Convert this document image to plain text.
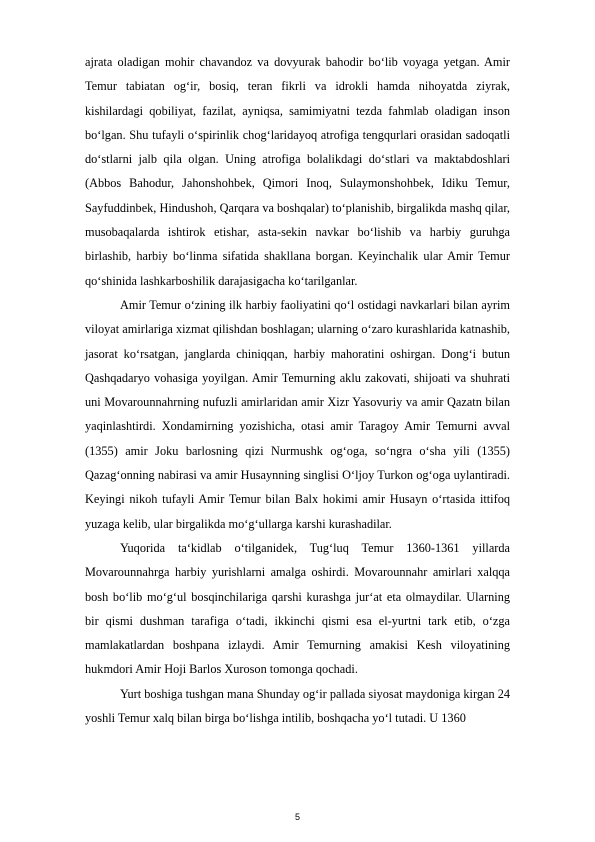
ajrata oladigan mohir chavandoz va dovyurak bahodir bo‘lib voyaga yetgan. Amir Temur tabiatan og‘ir, bosiq, teran fikrli va idrokli hamda nihoyatda ziyrak, kishilardagi qobiliyat, fazilat, ayniqsa, samimiyatni tezda fahmlab oladigan inson bo‘lgan. Shu tufayli o‘spirinlik chog‘laridayoq atrofiga tengqurlari orasidan sadoqatli do‘stlarni jalb qila olgan. Uning atrofiga bolalikdagi do‘stlari va maktabdoshlari (Abbos Bahodur, Jahonshohbek, Qimori Inoq, Sulaymonshohbek, Idiku Temur, Sayfuddinbek, Hindushoh, Qarqara va boshqalar) to‘planishib, birgalikda mashq qilar, musobaqalarda ishtirok etishar, asta-sekin navkar bo‘lishib va harbiy guruhga birlashib, harbiy bo‘linma sifatida shakllana borgan. Keyinchalik ular Amir Temur qo‘shinida lashkarboshilik darajasigacha ko‘tarilganlar.

Amir Temur o‘zining ilk harbiy faoliyatini qo‘l ostidagi navkarlari bilan ayrim viloyat amirlariga xizmat qilishdan boshlagan; ularning o‘zaro kurashlarida katnashib, jasorat ko‘rsatgan, janglarda chiniqqan, harbiy mahoratini oshirgan. Dong‘i butun Qashqadaryo vohasiga yoyilgan. Amir Temurning aklu zakovati, shijoati va shuhrati uni Movarounnahrning nufuzli amirlaridan amir Xizr Yasovuriy va amir Qazatn bilan yaqinlashtirdi. Xondamirning yozishicha, otasi amir Taragoy Amir Temurni avval (1355) amir Joku barlosning qizi Nurmushk og‘oga, so‘ngra o‘sha yili (1355) Qazag‘onning nabirasi va amir Husaynning singlisi O‘ljoy Turkon og‘oga uylantiradi. Keyingi nikoh tufayli Amir Temur bilan Balx hokimi amir Husayn o‘rtasida ittifoq yuzaga kelib, ular birgalikda mo‘g‘ullarga karshi kurashadilar.

Yuqorida ta‘kidlab o‘tilganidek, Tug‘luq Temur 1360-1361 yillarda Movarounnahrga harbiy yurishlarni amalga oshirdi. Movarounnahr amirlari xalqqa bosh bo‘lib mo‘g‘ul bosqinchilariga qarshi kurashga jur‘at eta olmaydilar. Ularning bir qismi dushman tarafiga o‘tadi, ikkinchi qismi esa el-yurtni tark etib, o‘zga mamlakatlardan boshpana izlaydi. Amir Temurning amakisi Kesh viloyatining hukmdori Amir Hoji Barlos Xuroson tomonga qochadi.

Yurt boshiga tushgan mana Shunday og‘ir pallada siyosat maydoniga kirgan 24 yoshli Temur xalq bilan birga bo‘lishga intilib, boshqacha yo‘l tutadi. U 1360

5
